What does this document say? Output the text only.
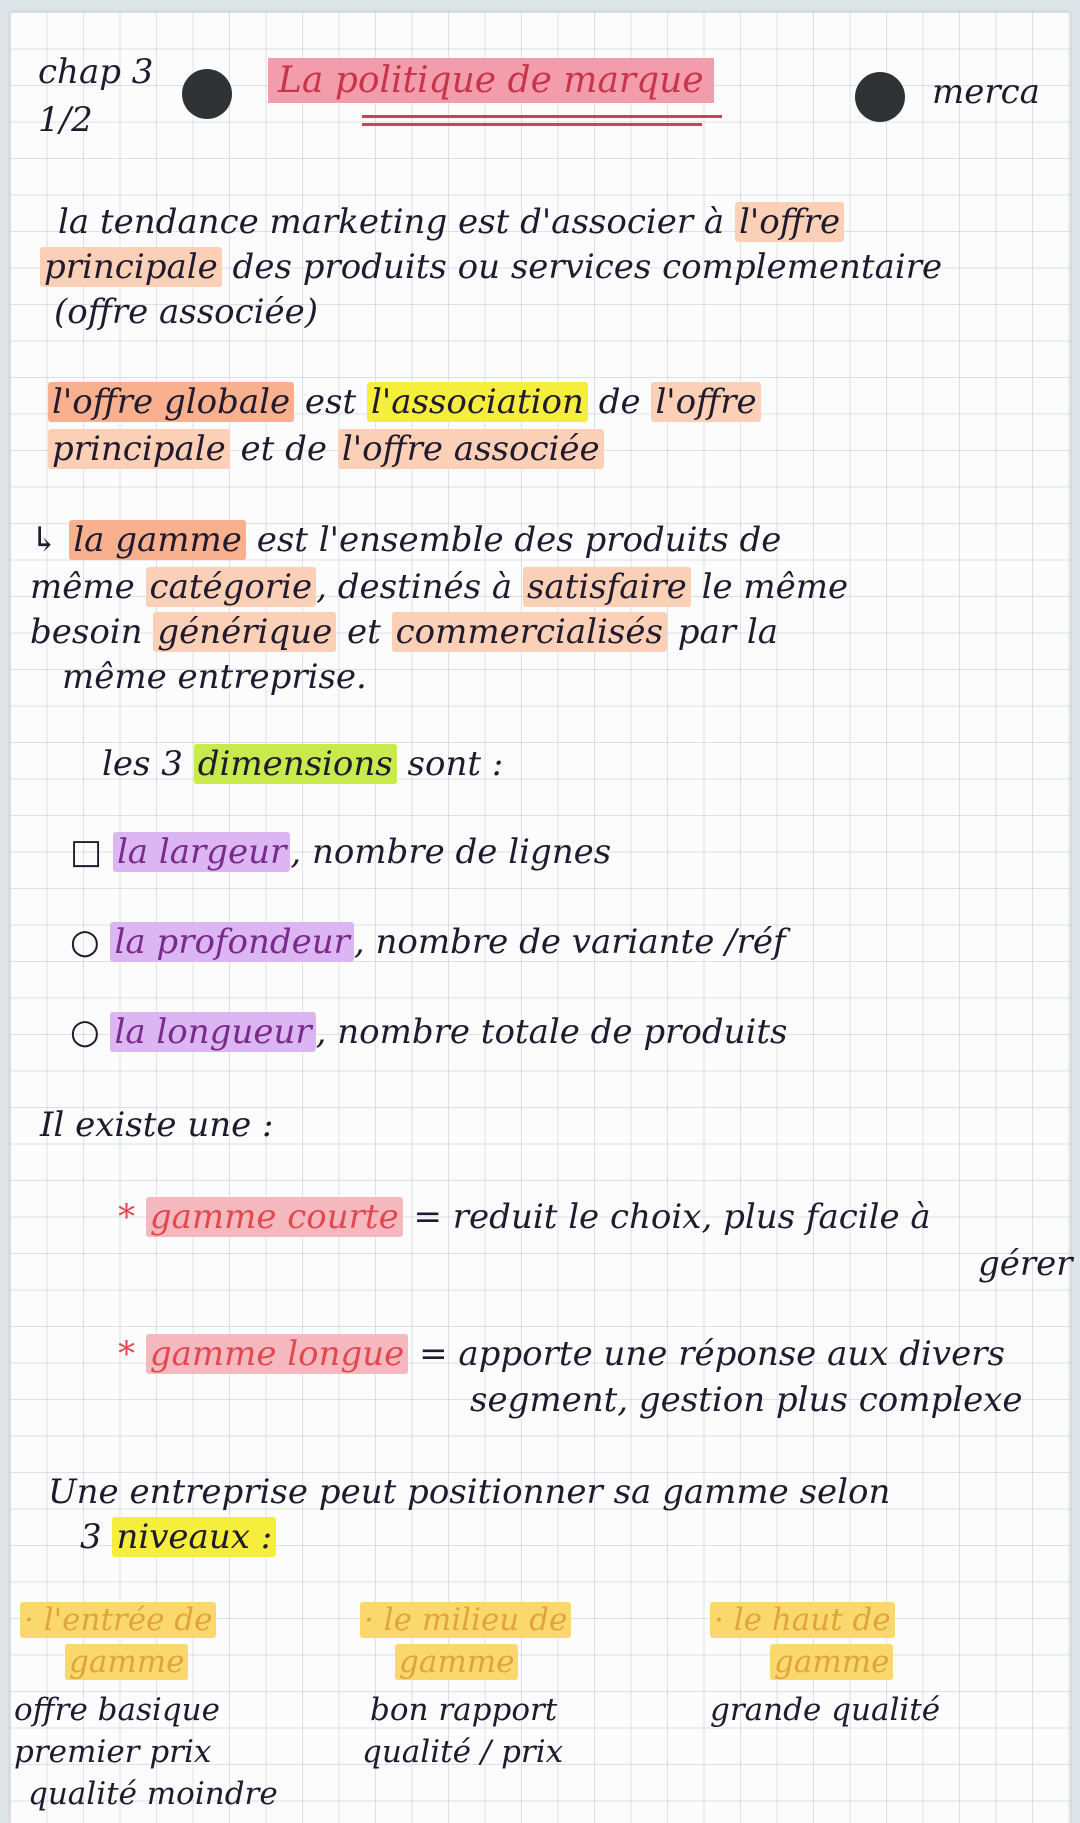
chap 3
1/2
La politique de marque	merca
la tendance marketing est d'associer à l'offre
principale des produits ou services complementaire
(offre associée)
l'offre globale est l'association de l'offre
principale et de l'offre associée
↳ la gamme est l'ensemble des produits de
même catégorie , destinés à satisfaire le même
besoin générique et commercialisés par la
même entreprise.
les 3 dimensions sont :
□ la largeur , nombre de lignes
○ la profondeur , nombre de variante /réf
○ la longueur , nombre totale de produits
Il existe une :
* gamme courte = reduit le choix, plus facile à
gérer
* gamme longue = apporte une réponse aux divers
segment, gestion plus complexe
Une entreprise peut positionner sa gamme selon
3 niveaux :
· l'entrée de
gamme
offre basique
premier prix
qualité moindre
· le milieu de
gamme
bon rapport
qualité / prix
· le haut de
gamme
grande qualité
